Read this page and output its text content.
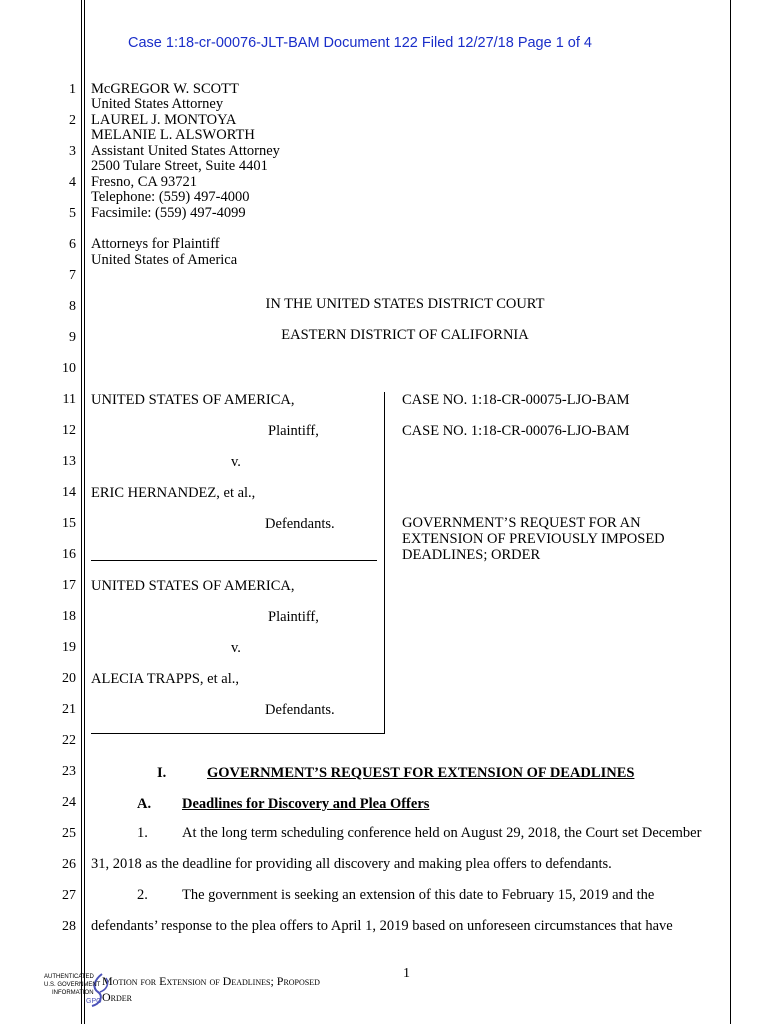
Case 1:18-cr-00076-JLT-BAM Document 122 Filed 12/27/18 Page 1 of 4
1
2
3
4
5
6
7
8
9
10
11
12
13
14
15
16
17
18
19
20
21
22
23
24
25
26
27
28
McGREGOR W. SCOTT
United States Attorney
LAUREL J. MONTOYA
MELANIE L. ALSWORTH
Assistant United States Attorney
2500 Tulare Street, Suite 4401
Fresno, CA 93721
Telephone: (559) 497-4000
Facsimile: (559) 497-4099
Attorneys for Plaintiff
United States of America
IN THE UNITED STATES DISTRICT COURT
EASTERN DISTRICT OF CALIFORNIA
UNITED STATES OF AMERICA,
Plaintiff,
v.
ERIC HERNANDEZ, et al.,
Defendants.
UNITED STATES OF AMERICA,
Plaintiff,
v.
ALECIA TRAPPS, et al.,
Defendants.
CASE NO. 1:18-CR-00075-LJO-BAM
CASE NO. 1:18-CR-00076-LJO-BAM
GOVERNMENT’S REQUEST FOR AN
EXTENSION OF PREVIOUSLY IMPOSED
DEADLINES; ORDER
I.	GOVERNMENT’S REQUEST FOR EXTENSION OF DEADLINES
A. Deadlines for Discovery and Plea Offers
1. At the long term scheduling conference held on August 29, 2018, the Court set December
31, 2018 as the deadline for providing all discovery and making plea offers to defendants.
2. The government is seeking an extension of this date to February 15, 2019 and the
defendants’ response to the plea offers to April 1, 2019 based on unforeseen circumstances that have
1
Motion for Extension of Deadlines; Proposed
Order
AUTHENTICATED
U.S. GOVERNMENT
INFORMATION
GPO
